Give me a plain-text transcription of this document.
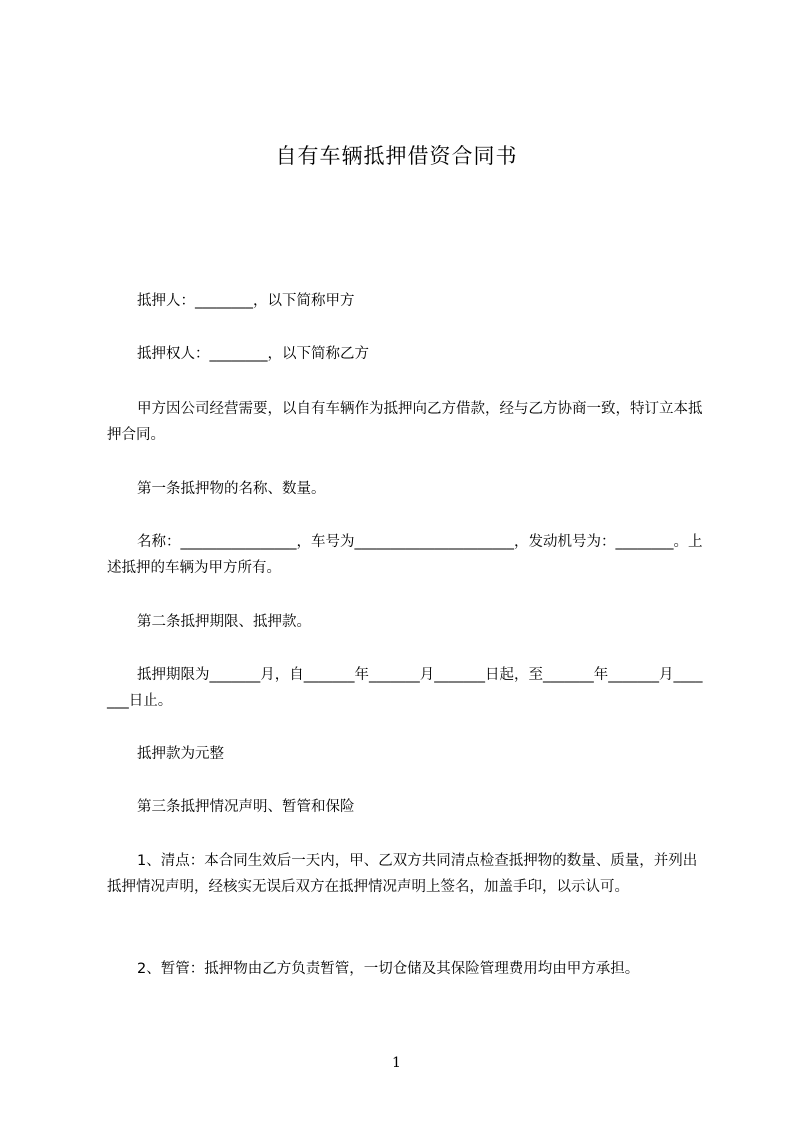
自有车辆抵押借资合同书
抵押人：________，以下简称甲方
抵押权人：________，以下简称乙方
甲方因公司经营需要，以自有车辆作为抵押向乙方借款，经与乙方协商一致，特订立本抵押合同。
第一条抵押物的名称、数量。
名称：________________，车号为______________________，发动机号为：________。上述抵押的车辆为甲方所有。
第二条抵押期限、抵押款。
抵押期限为_______月，自_______年_______月_______日起，至_______年_______月_______日止。
抵押款为元整
第三条抵押情况声明、暂管和保险
1、清点：本合同生效后一天内，甲、乙双方共同清点检查抵押物的数量、质量，并列出抵押情况声明，经核实无误后双方在抵押情况声明上签名，加盖手印，以示认可。
2、暂管：抵押物由乙方负责暂管，一切仓储及其保险管理费用均由甲方承担。
1
